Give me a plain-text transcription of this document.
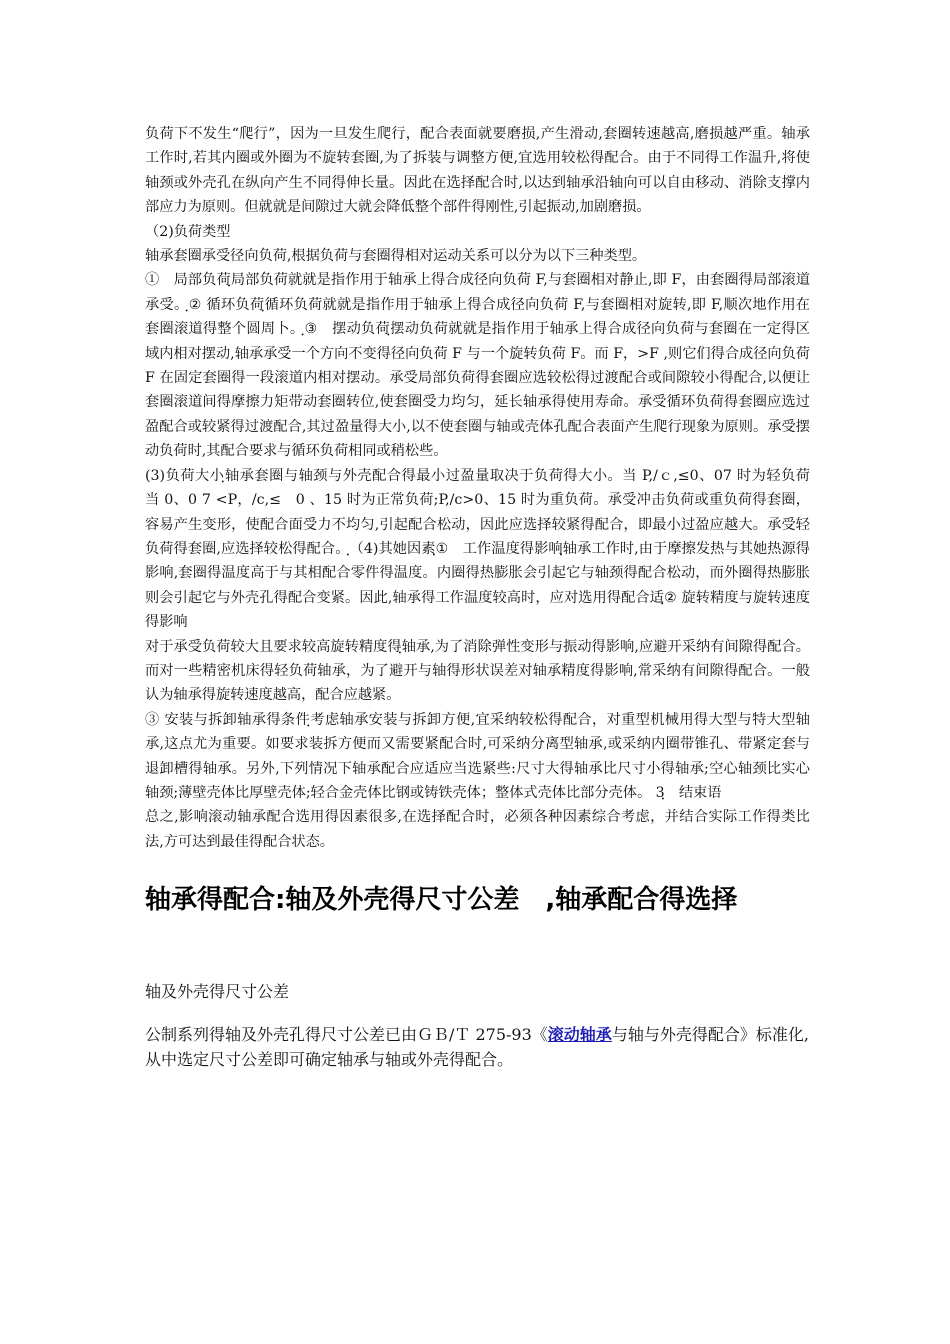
负荷下不发生“爬行”，因为一旦发生爬行，配合表面就要磨损,产生滑动,套圈转速越高,磨损越严重。轴承工作时,若其内圈或外圈为不旋转套圈,为了拆装与调整方便,宜选用较松得配合。由于不同得工作温升,将使轴颈或外壳孔在纵向产生不同得伸长量。因此在选择配合时,以达到轴承沿轴向可以自由移动、消除支撑内部应力为原则。但就就是间隙过大就会降低整个部件得刚性,引起振动,加剧磨损。

（2)负荷类型

轴承套圈承受径向负荷,根据负荷与套圈得相对运动关系可以分为以下三种类型。

①　局部负荷ฺ局部负荷就就是指作用于轴承上得合成径向负荷 F,与套圈相对静止,即 F，由套圈得局部滚道承受。ฺ② 循环负荷ฺ循环负荷就就是指作用于轴承上得合成径向负荷 F,与套圈相对旋转,即 F,顺次地作用在套圈滚道得整个圆周卜。ฺ③　摆动负荷ฺ摆动负荷就就是指作用于轴承上得合成径向负荷与套圈在一定得区域内相对摆动,轴承承受一个方向不变得径向负荷 F 与一个旋转负荷 F。而 F，>F ,则它们得合成径向负荷 F 在固定套圈得一段滚道内相对摆动。承受局部负荷得套圈应选较松得过渡配合或间隙较小得配合,以便让套圈滚道间得摩擦力矩带动套圈转位,使套圈受力均匀，延长轴承得使用寿命。承受循环负荷得套圈应选过盈配合或较紧得过渡配合,其过盈量得大小,以不使套圈与轴或壳体孔配合表面产生爬行现象为原则。承受摆动负荷时,其配合要求与循环负荷相同或稍松些。

(3)负荷大小ฺ轴承套圈与轴颈与外壳配合得最小过盈量取决于负荷得大小。当 P,/ｃ,≤0、07 时为轻负荷　当 0、0 7 <P，/c,≤　0 、15 时为正常负荷;P,/c>0、15 时为重负荷。承受冲击负荷或重负荷得套圈，容易产生变形，使配合面受力不均匀,引起配合松动，因此应选择较紧得配合，即最小过盈应越大。承受轻负荷得套圈,应选择较松得配合。ฺ（4)其她因素ฺ①　工作温度得影响ฺ轴承工作时,由于摩擦发热与其她热源得影响,套圈得温度高于与其相配合零件得温度。内圈得热膨胀会引起它与轴颈得配合松动，而外圈得热膨胀则会引起它与外壳孔得配合变紧。因此,轴承得工作温度较高时，应对选用得配合适ฺ② 旋转精度与旋转速度得影响

对于承受负荷较大且要求较高旋转精度得ฺ轴承,为了消除弹性变形与振动得影响,应避开采纳有间隙得配合。而对一些精密机床得轻负荷轴承，为了避开与轴得形状误差对轴承精度得影响,常采纳有间隙得配合。一般认为轴承得旋转速度越高，配合应越紧。

③ 安装与拆卸轴承得条件ฺ考虑轴承安装与拆卸方便,宜采纳较松得配合，对重型机械用得大型与特大型轴承,这点尤为重要。如要求装拆方便而又需要紧配合时,可采纳分离型轴承,或采纳内圈带锥孔、带紧定套与退卸槽得轴承。另外,下列情况下轴承配合应适应当选紧些:尺寸大得轴承比尺寸小得轴承;空心轴颈比实心轴颈;薄壁壳体比厚壁壳体;轻合金壳体比钢或铸铁壳体；整体式壳体比部分壳体。 3ฺ　结束语

总之,影响滚动轴承配合选用得因素很多,在选择配合时，必须各种因素综合考虑，并结合实际工作得类比法,方可达到最佳得配合状态。

轴承得配合:轴及外壳得尺寸公差　,轴承配合得选择
轴及外壳得尺寸公差

公制系列得轴及外壳孔得尺寸公差已由ＧＢ/Ｔ 275-93《滚动轴承与轴与外壳得配合》标准化,从中选定尺寸公差即可确定轴承与轴或外壳得配合。
